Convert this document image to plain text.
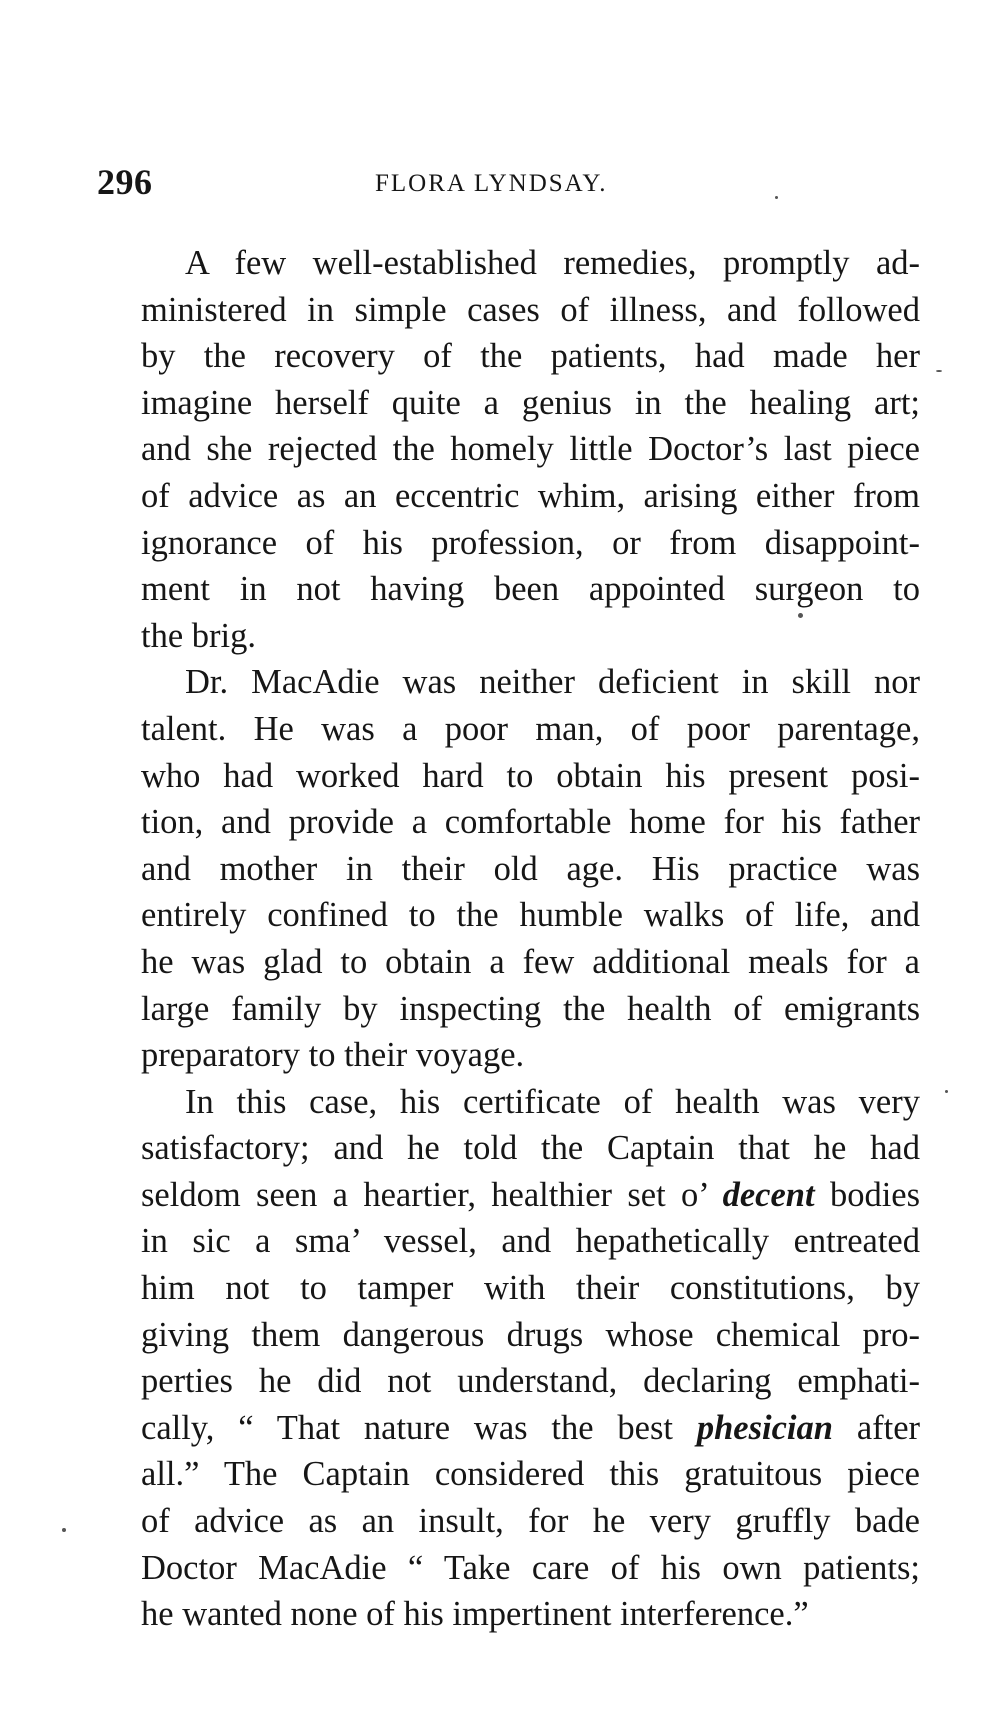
296	FLORA LYNDSAY.

A few well-established remedies, promptly ad-
ministered in simple cases of illness, and followed
by the recovery of the patients, had made her
imagine herself quite a genius in the healing art;
and she rejected the homely little Doctor’s last piece
of advice as an eccentric whim, arising either from
ignorance of his profession, or from disappoint-
ment in not having been appointed surgeon to
the brig.

Dr. MacAdie was neither deficient in skill nor
talent. He was a poor man, of poor parentage,
who had worked hard to obtain his present posi-
tion, and provide a comfortable home for his father
and mother in their old age. His practice was
entirely confined to the humble walks of life, and
he was glad to obtain a few additional meals for a
large family by inspecting the health of emigrants
preparatory to their voyage.

In this case, his certificate of health was very
satisfactory; and he told the Captain that he had
seldom seen a heartier, healthier set o’ decent bodies
in sic a sma’ vessel, and hepathetically entreated
him not to tamper with their constitutions, by
giving them dangerous drugs whose chemical pro-
perties he did not understand, declaring emphati-
cally, “ That nature was the best phesician after
all.” The Captain considered this gratuitous piece
of advice as an insult, for he very gruffly bade
Doctor MacAdie “ Take care of his own patients;
he wanted none of his impertinent interference.”
